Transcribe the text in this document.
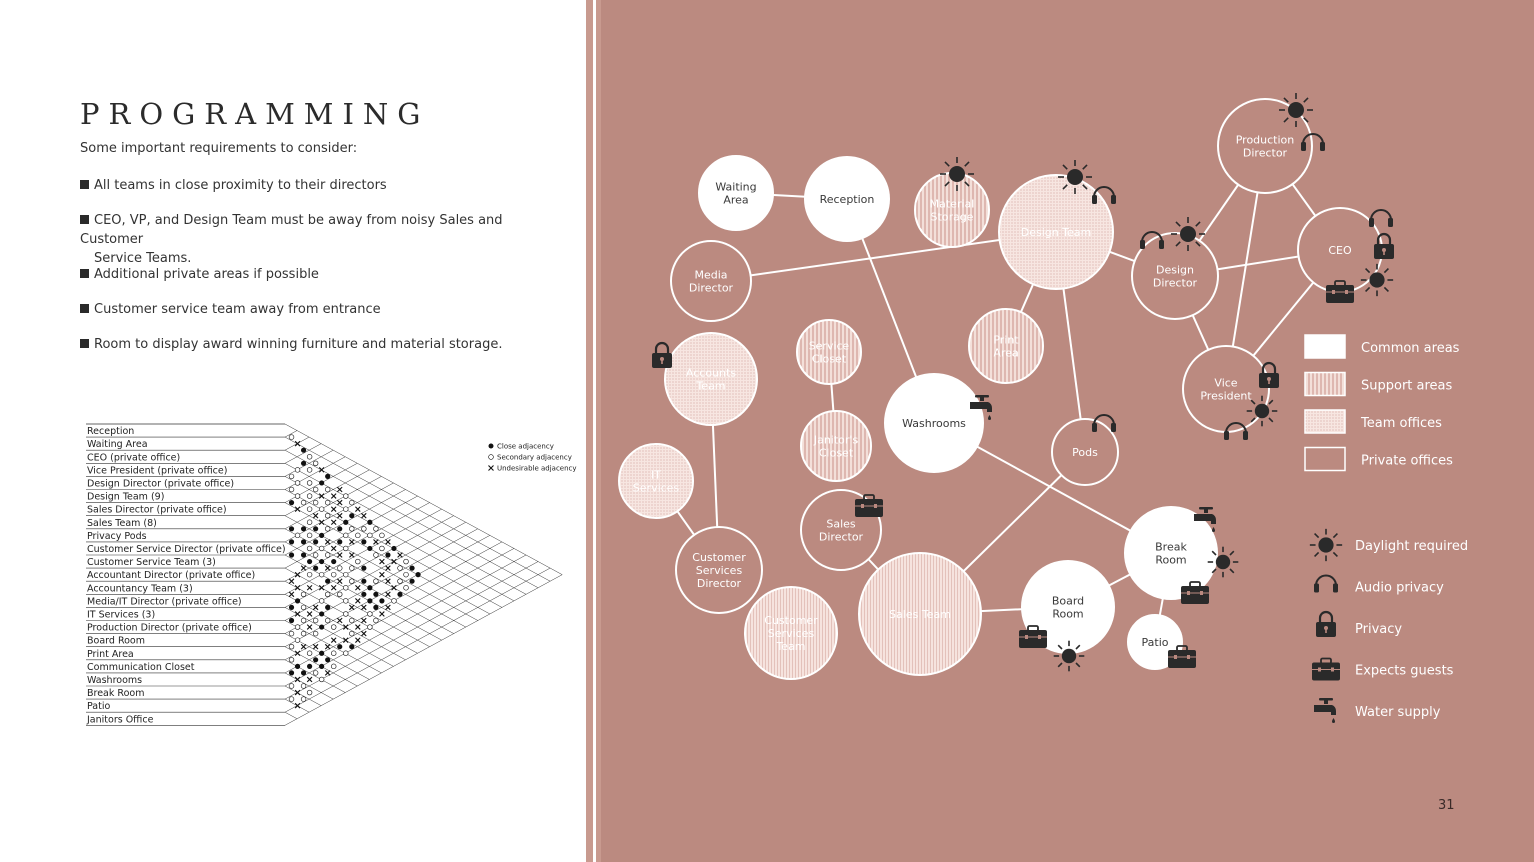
PROGRAMMING
Some important requirements to consider:
All teams in close proximity to their directors
CEO, VP, and Design Team must be away from noisy Sales and Customer
Service Teams.
Additional private areas if possible
Customer service team away from entrance
Room to display award winning furniture and material storage.
Reception
Waiting Area
CEO (private office)
Vice President (private office)
Design Director (private office)
Design Team (9)
Sales Director (private office)
Sales Team (8)
Privacy Pods
Customer Service Director (private office)
Customer Service Team (3)
Accountant Director (private office)
Accountancy Team (3)
Media/IT Director (private office)
IT Services (3)
Production Director (private office)
Board Room
Print Area
Communication Closet
Washrooms
Break Room
Patio
Janitors Office
Close adjacency
Secondary adjacency
Undesirable adjacency
Waiting
Area	Reception	Material
Storage
Design Team
Production
Director
Media
Director
Design
Director
CEO
Accounts
Team
Service
Closet
Print
Area
Vice
President
Washrooms
Janitor's
Closet	Pods
IT
Services
Sales
Director
Break
Room
Customer
Services
Director
Sales Team
Board
Room
Customer
Services
Team	Patio
Common areas
Support areas
Team offices
Private offices
Daylight required
Audio privacy
Privacy
Expects guests
Water supply
31
